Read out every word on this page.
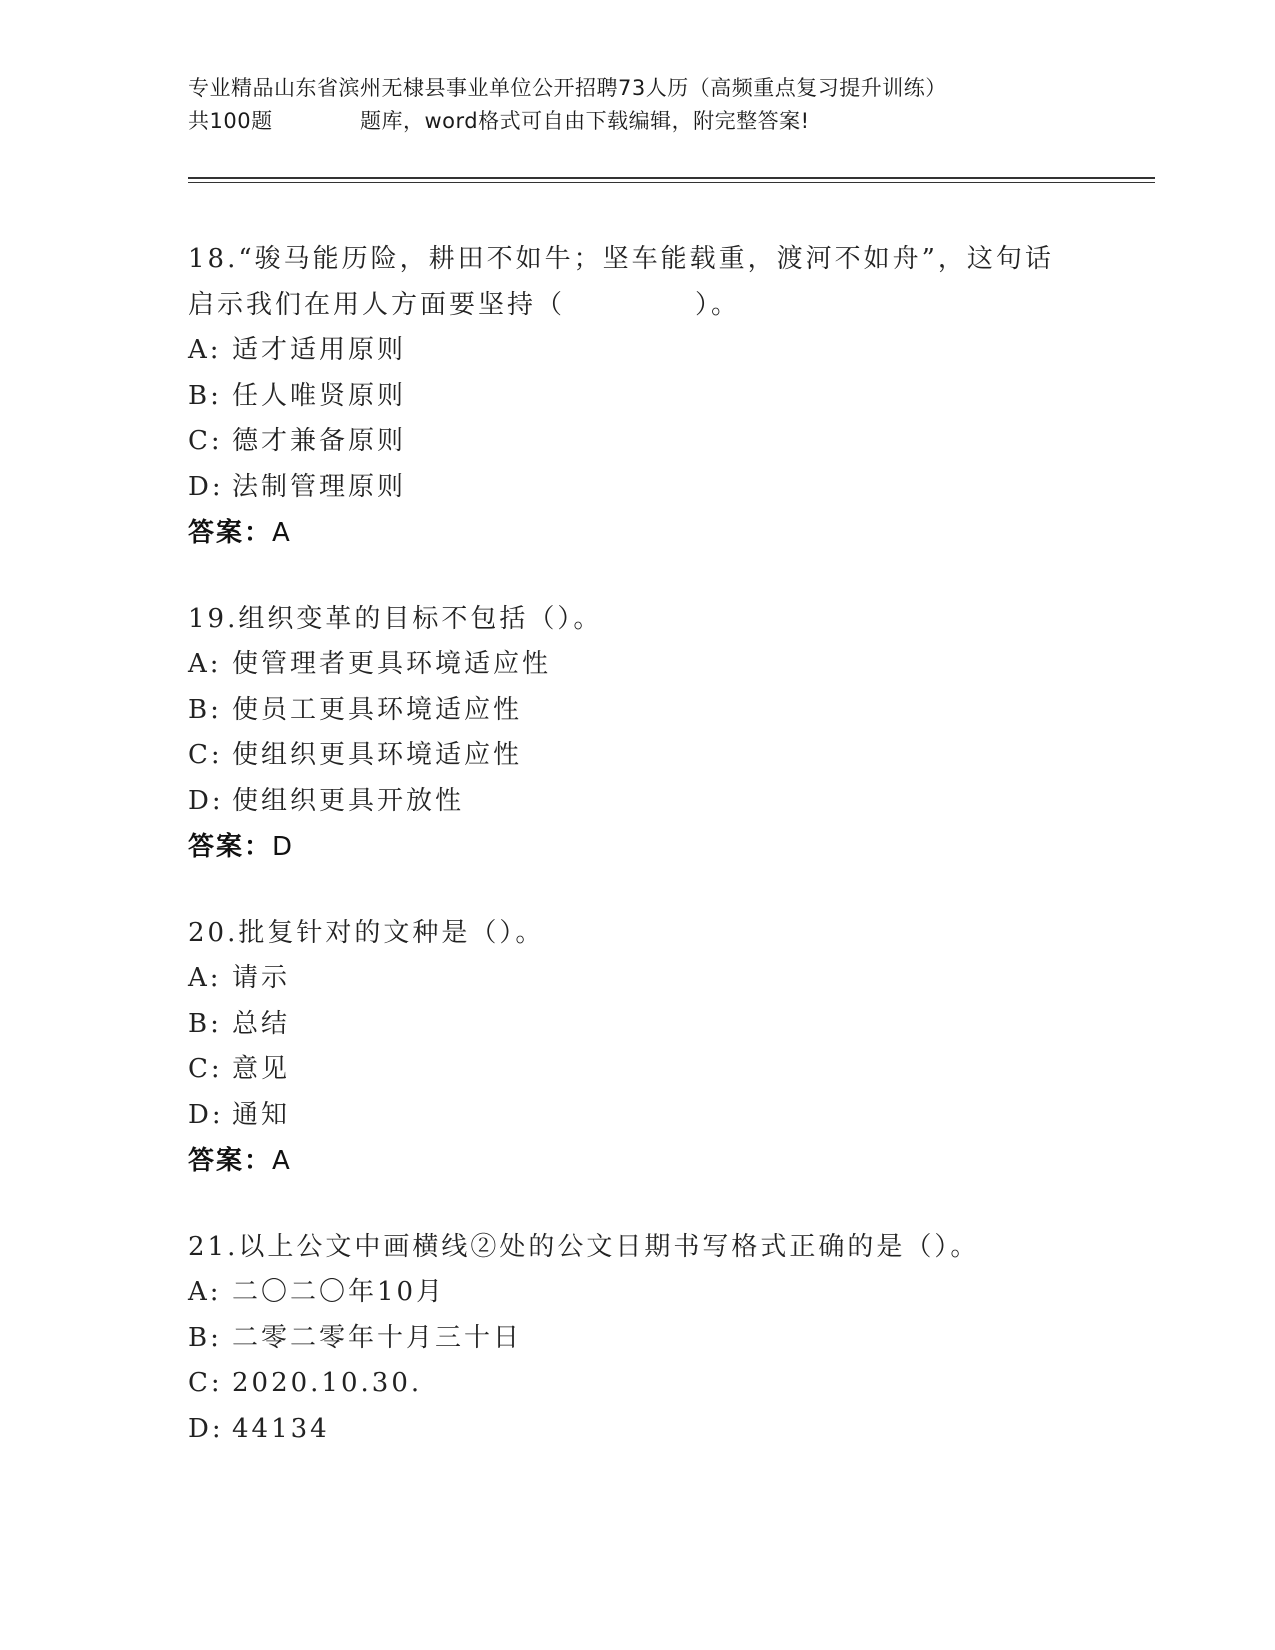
专业精品山东省滨州无棣县事业单位公开招聘73人历（高频重点复习提升训练）
共100题	题库，word格式可自由下载编辑，附完整答案!

18.“骏马能历险，耕田不如牛；坚车能载重，渡河不如舟”，这句话

启示我们在用人方面要坚持（	）。

A: 适才适用原则
B: 任人唯贤原则
C: 德才兼备原则
D: 法制管理原则
答案： A

19.组织变革的目标不包括（）。

A: 使管理者更具环境适应性
B: 使员工更具环境适应性
C: 使组织更具环境适应性
D: 使组织更具开放性
答案： D

20.批复针对的文种是（）。

A: 请示
B: 总结
C: 意见
D: 通知
答案： A

21.以上公文中画横线②处的公文日期书写格式正确的是（）。

A: 二〇二〇年10月
B: 二零二零年十月三十日
C: 2020.10.30.
D: 44134
